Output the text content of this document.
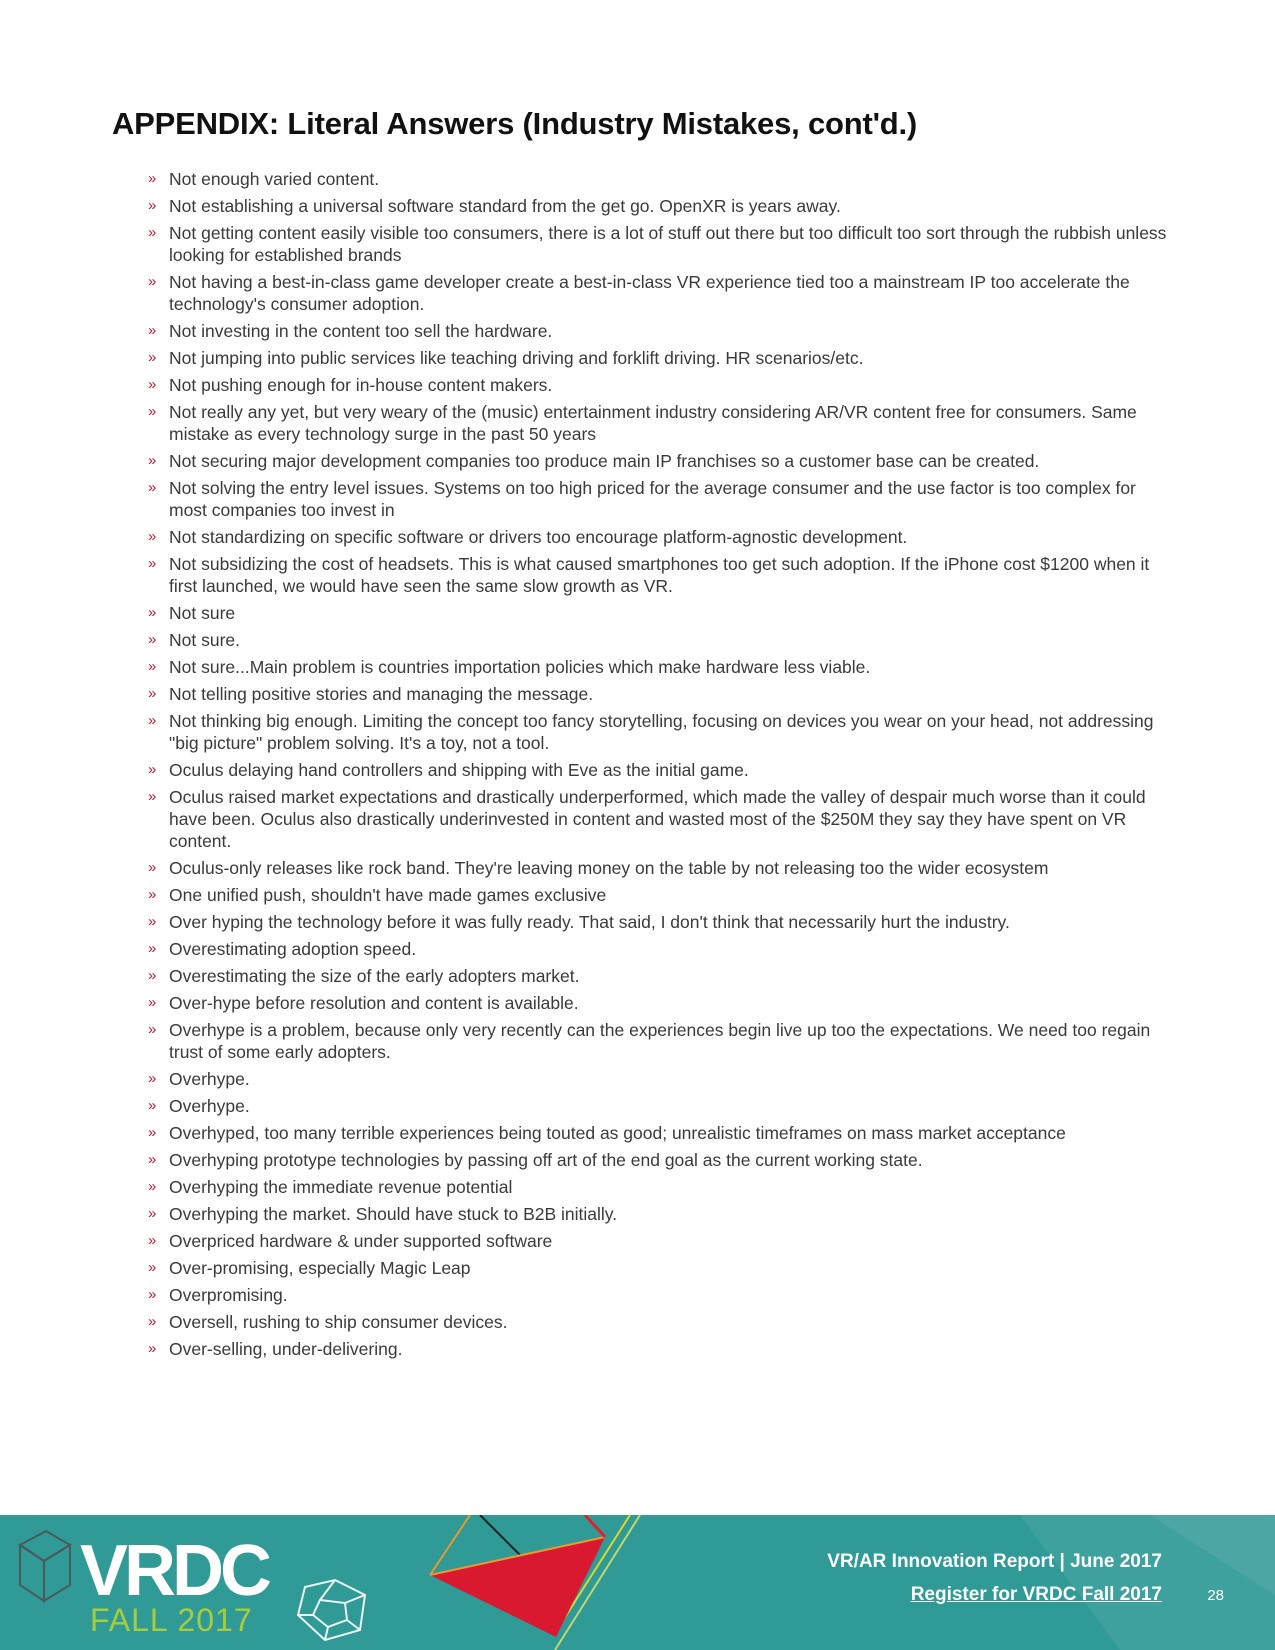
APPENDIX: Literal Answers (Industry Mistakes, cont'd.)
» Not enough varied content.
» Not establishing a universal software standard from the get go. OpenXR is years away.
» Not getting content easily visible too consumers, there is a lot of stuff out there but too difficult too sort through the rubbish unless looking for established brands
» Not having a best-in-class game developer create a best-in-class VR experience tied too a mainstream IP too accelerate the technology's consumer adoption.
» Not investing in the content too sell the hardware.
» Not jumping into public services like teaching driving and forklift driving. HR scenarios/etc.
» Not pushing enough for in-house content makers.
» Not really any yet, but very weary of the (music) entertainment industry considering AR/VR content free for consumers. Same mistake as every technology surge in the past 50 years
» Not securing major development companies too produce main IP franchises so a customer base can be created.
» Not solving the entry level issues. Systems on too high priced for the average consumer and the use factor is too complex for most companies too invest in
» Not standardizing on specific software or drivers too encourage platform-agnostic development.
» Not subsidizing the cost of headsets. This is what caused smartphones too get such adoption. If the iPhone cost $1200 when it first launched, we would have seen the same slow growth as VR.
» Not sure
» Not sure.
» Not sure...Main problem is countries importation policies which make hardware less viable.
» Not telling positive stories and managing the message.
» Not thinking big enough. Limiting the concept too fancy storytelling, focusing on devices you wear on your head, not addressing "big picture" problem solving. It's a toy, not a tool.
» Oculus delaying hand controllers and shipping with Eve as the initial game.
» Oculus raised market expectations and drastically underperformed, which made the valley of despair much worse than it could have been. Oculus also drastically underinvested in content and wasted most of the $250M they say they have spent on VR content.
» Oculus-only releases like rock band. They're leaving money on the table by not releasing too the wider ecosystem
» One unified push, shouldn't have made games exclusive
» Over hyping the technology before it was fully ready. That said, I don't think that necessarily hurt the industry.
» Overestimating adoption speed.
» Overestimating the size of the early adopters market.
» Over-hype before resolution and content is available.
» Overhype is a problem, because only very recently can the experiences begin live up too the expectations. We need too regain trust of some early adopters.
» Overhype.
» Overhype.
» Overhyped, too many terrible experiences being touted as good; unrealistic timeframes on mass market acceptance
» Overhyping prototype technologies by passing off art of the end goal as the current working state.
» Overhyping the immediate revenue potential
» Overhyping the market. Should have stuck to B2B initially.
» Overpriced hardware & under supported software
» Over-promising, especially Magic Leap
» Overpromising.
» Oversell, rushing to ship consumer devices.
» Over-selling, under-delivering.
VRDC
FALL 2017
VR/AR Innovation Report | June 2017
Register for VRDC Fall 2017	28
